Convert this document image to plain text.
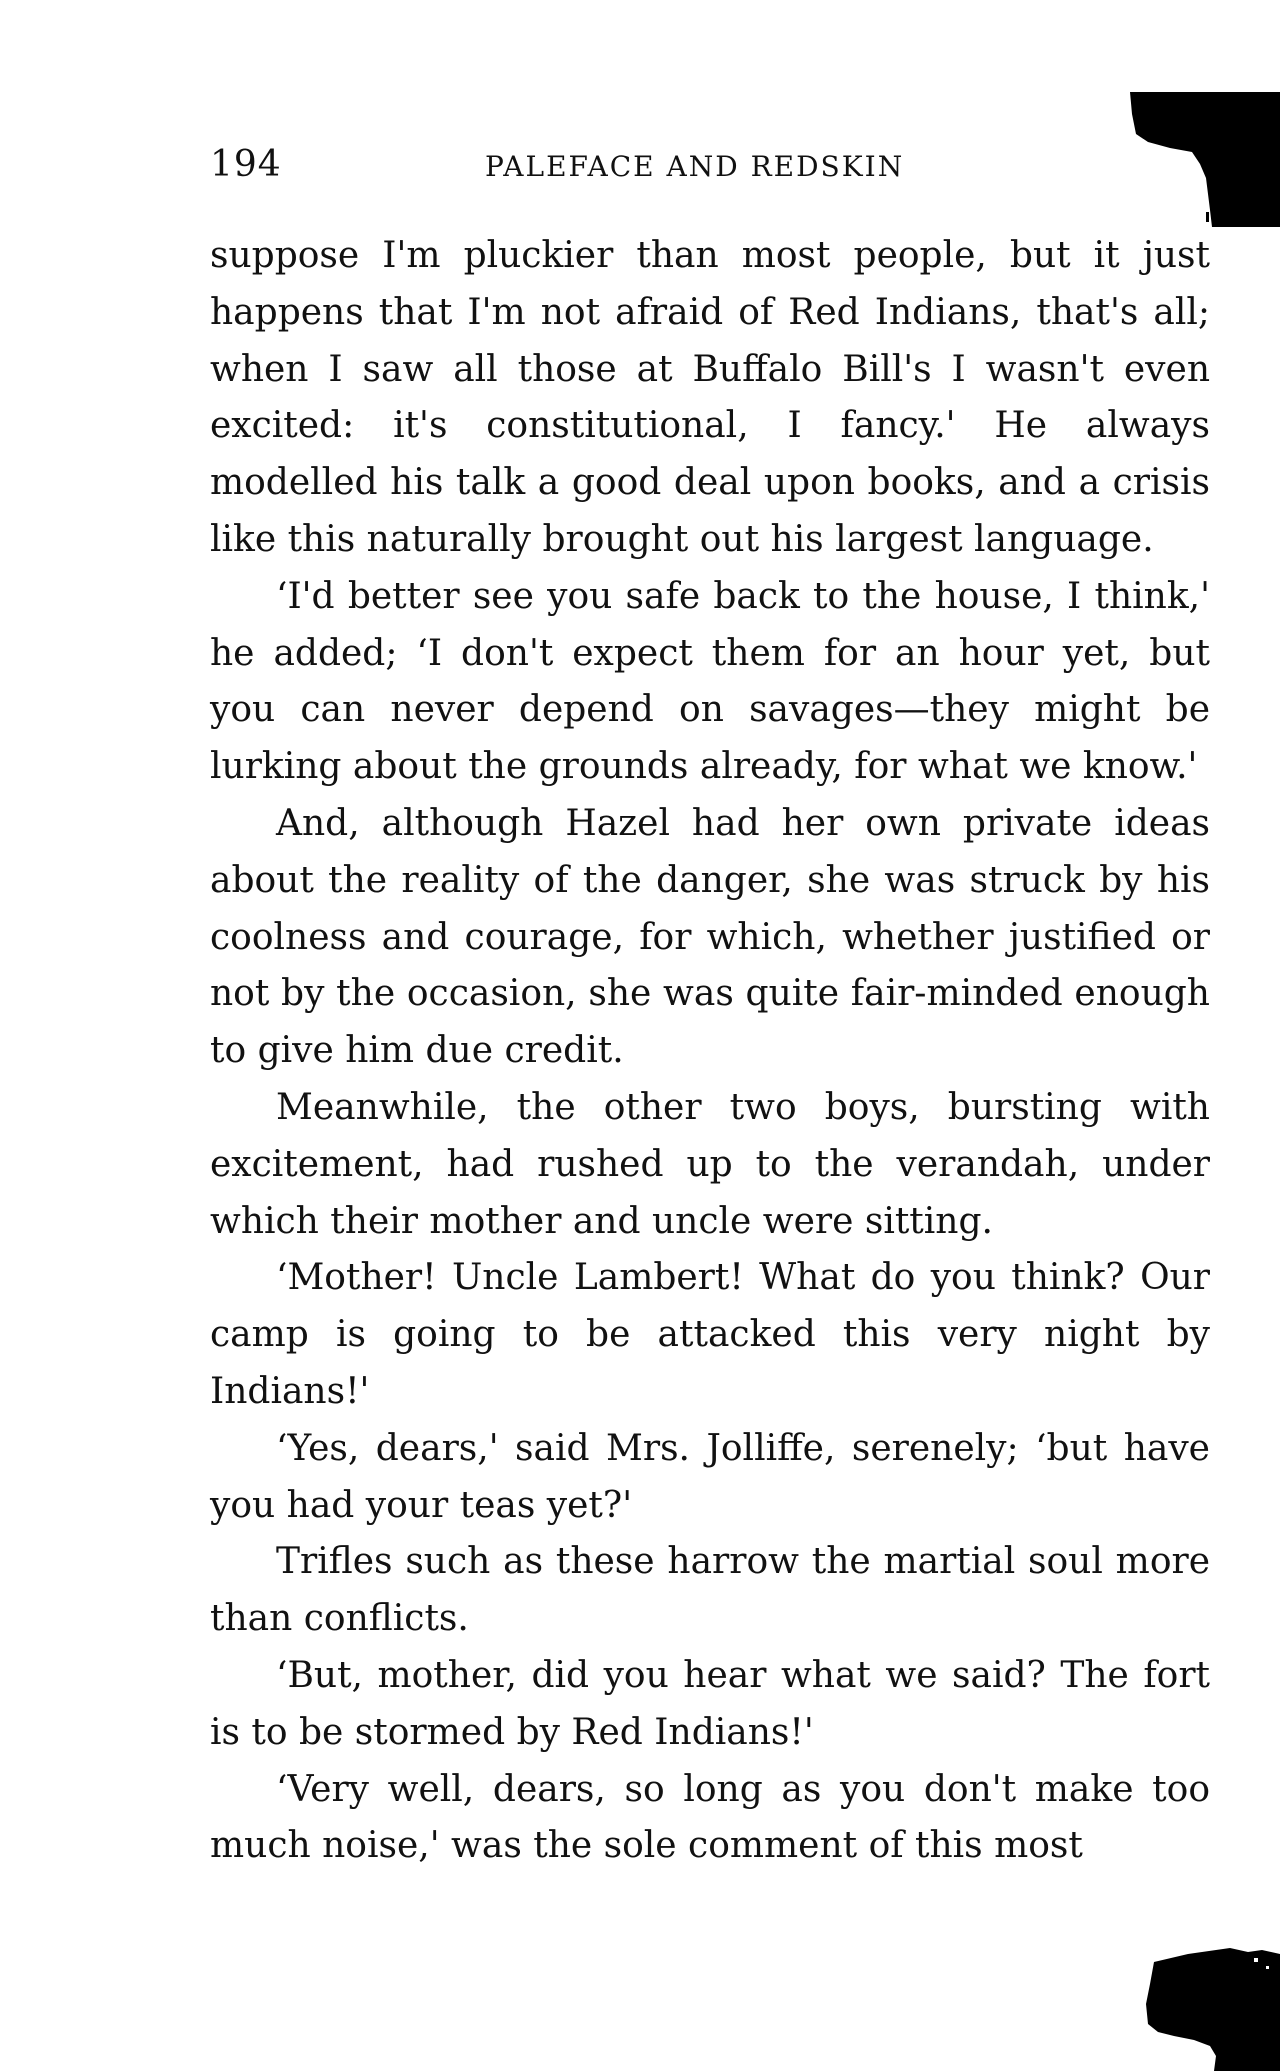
194	PALEFACE AND REDSKIN

suppose I'm pluckier than most people, but it just happens that I'm not afraid of Red Indians, that's all; when I saw all those at Buffalo Bill's I wasn't even excited: it's constitutional, I fancy.' He always modelled his talk a good deal upon books, and a crisis like this naturally brought out his largest language.

‘I'd better see you safe back to the house, I think,' he added; ‘I don't expect them for an hour yet, but you can never depend on savages—they might be lurking about the grounds already, for what we know.'

And, although Hazel had her own private ideas about the reality of the danger, she was struck by his coolness and courage, for which, whether justified or not by the occasion, she was quite fair-minded enough to give him due credit.

Meanwhile, the other two boys, bursting with excitement, had rushed up to the verandah, under which their mother and uncle were sitting.

‘Mother! Uncle Lambert! What do you think? Our camp is going to be attacked this very night by Indians!'

‘Yes, dears,' said Mrs. Jolliffe, serenely; ‘but have you had your teas yet?'

Trifles such as these harrow the martial soul more than conflicts.

‘But, mother, did you hear what we said? The fort is to be stormed by Red Indians!'

‘Very well, dears, so long as you don't make too much noise,' was the sole comment of this most
